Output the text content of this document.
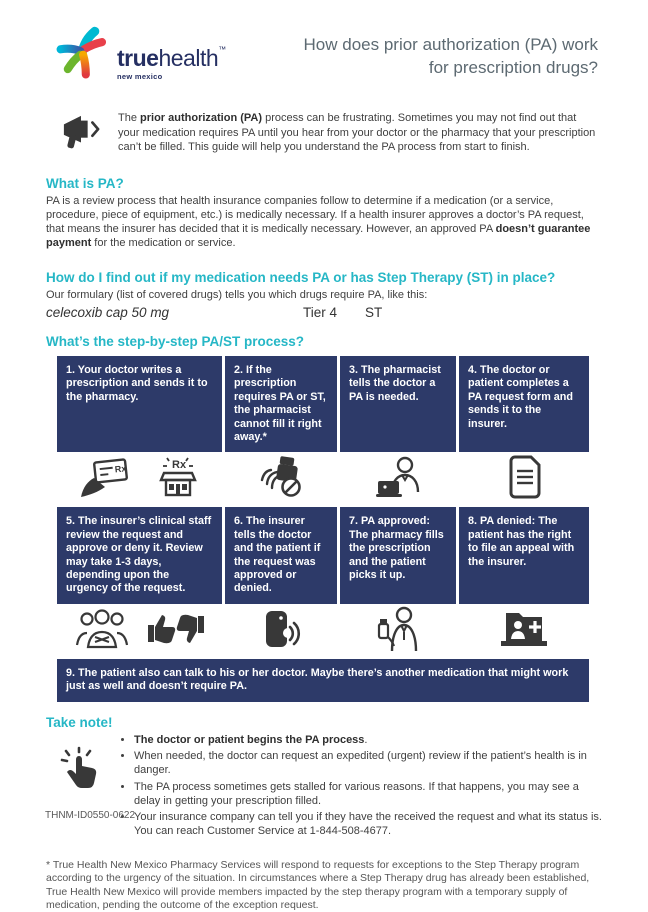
truehealth™
new mexico
How does prior authorization (PA) work
for prescription drugs?

The prior authorization (PA) process can be frustrating. Sometimes you may not find out that your medication requires PA until you hear from your doctor or the pharmacy that your prescription can’t be filled. This guide will help you understand the PA process from start to finish.

What is PA?

PA is a review process that health insurance companies follow to determine if a medication (or a service, procedure, piece of equipment, etc.) is medically necessary. If a health insurer approves a doctor’s PA request, that means the insurer has decided that it is medically necessary. However, an approved PA doesn’t guarantee payment for the medication or service.

How do I find out if my medication needs PA or has Step Therapy (ST) in place?

Our formulary (list of covered drugs) tells you which drugs require PA, like this:

celecoxib cap 50 mg	Tier 4 ST
What’s the step-by-step PA/ST process?
1. Your doctor writes a prescription and sends it to the pharmacy.
2. If the prescription requires PA or ST, the pharmacist cannot fill it right away.*
3. The pharmacist tells the doctor a PA is needed.
4. The doctor or patient completes a PA request form and sends it to the insurer.
Rx	Rx
5. The insurer’s clinical staff review the request and approve or deny it. Review may take 1-3 days, depending upon the urgency of the request.
6. The insurer tells the doctor and the patient if the request was approved or denied.
7. PA approved: The pharmacy fills the prescription and the patient picks it up.
8. PA denied: The patient has the right to file an appeal with the insurer.
9. The patient also can talk to his or her doctor. Maybe there’s another medication that might work just as well and doesn’t require PA.
Take note!
• The doctor or patient begins the PA process.
• When needed, the doctor can request an expedited (urgent) review if the patient’s health is in danger.
• The PA process sometimes gets stalled for various reasons. If that happens, you may see a delay in getting your prescription filled.
• Your insurance company can tell you if they have the received the request and what its status is. You can reach Customer Service at 1-844-508-4677.

* True Health New Mexico Pharmacy Services will respond to requests for exceptions to the Step Therapy program according to the urgency of the situation. In circumstances where a Step Therapy drug has already been established, True Health New Mexico will provide members impacted by the step therapy program with a temporary supply of medication, pending the outcome of the exception request.

THNM-ID0550-0622
